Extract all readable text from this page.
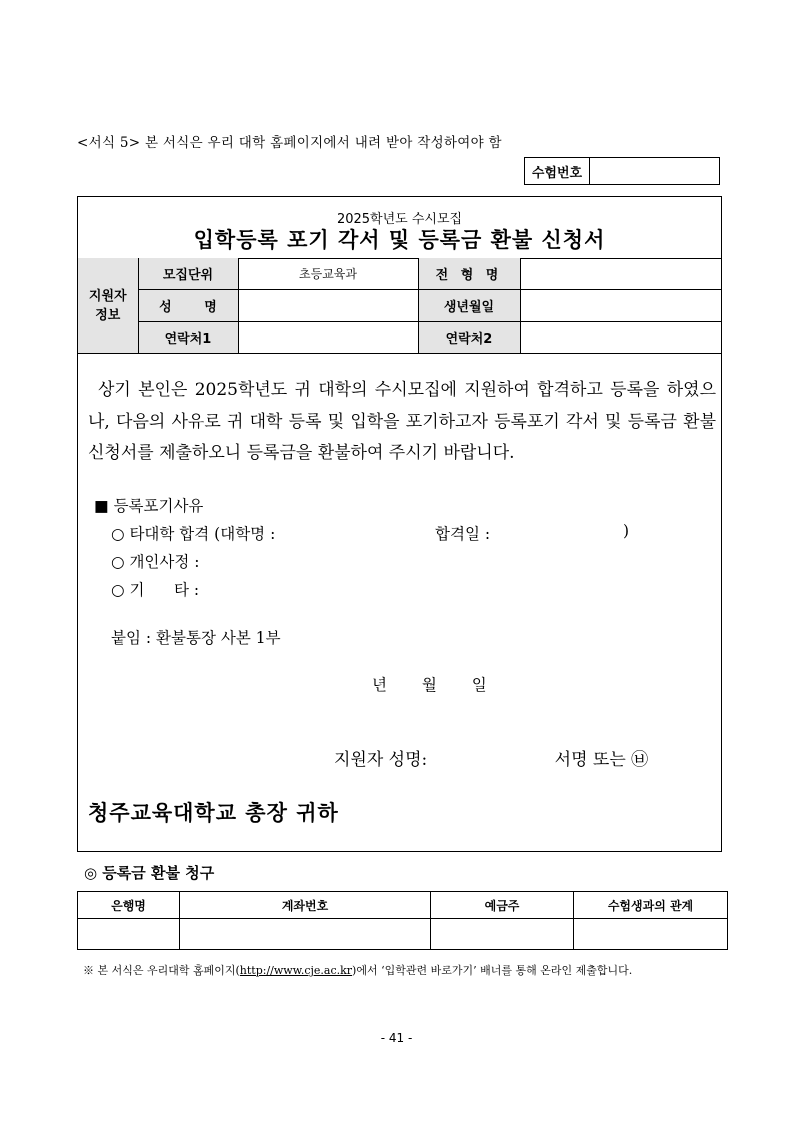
<서식 5> 본 서식은 우리 대학 홈페이지에서 내려 받아 작성하여야 함
수험번호
2025학년도 수시모집
입학등록 포기 각서 및 등록금 환불 신청서
지원자
정보	모집단위	초등교육과	전 형 명	
	성 명		생년월일	
	연락처1		연락처2	

상기 본인은 2025학년도 귀 대학의 수시모집에 지원하여 합격하고 등록을 하였으나, 다음의 사유로 귀 대학 등록 및 입학을 포기하고자 등록포기 각서 및 등록금 환불 신청서를 제출하오니 등록금을 환불하여 주시기 바랍니다.

■ 등록포기사유
○ 타대학 합격 (대학명 :	합격일 :	)
○ 개인사정 :
○ 기      타 :
붙임 : 환불통장 사본 1부
년 월 일
지원자 성명:	서명 또는 ㉥
청주교육대학교 총장 귀하
◎ 등록금 환불 청구
은행명	계좌번호	예금주	수험생과의 관계

※ 본 서식은 우리대학 홈페이지(http://www.cje.ac.kr)에서 ‘입학관련 바로가기’ 배너를 통해 온라인 제출합니다.
- 41 -
